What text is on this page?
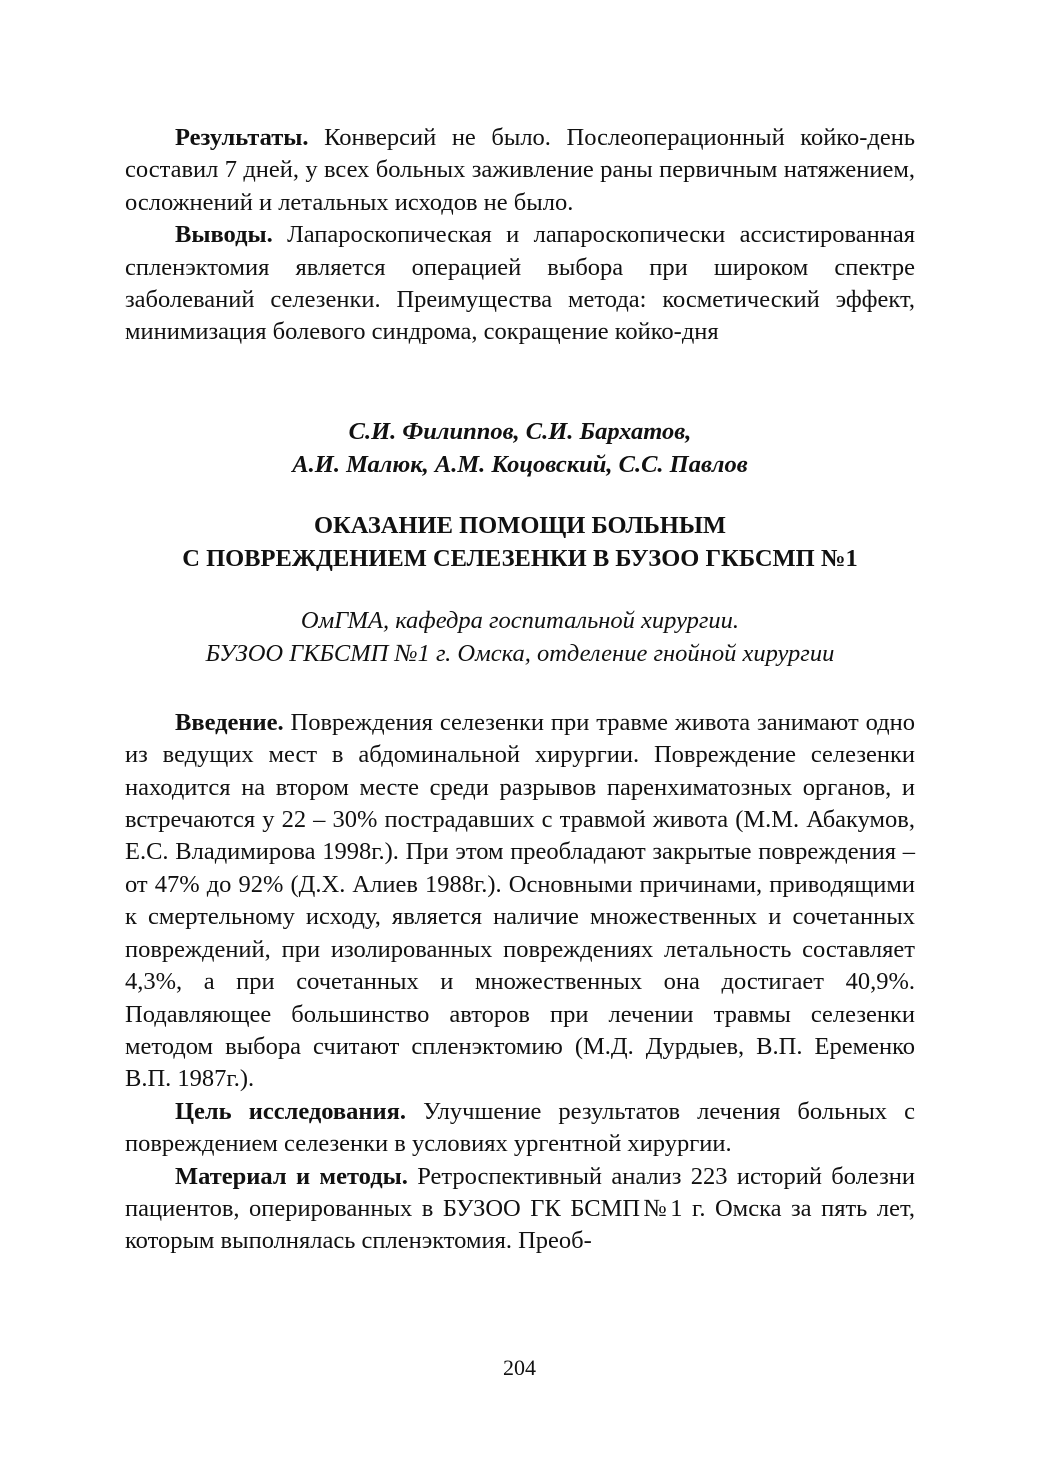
Результаты. Конверсий не было. Послеоперационный койко-день составил 7 дней, у всех больных заживление раны первичным натяжением, осложнений и летальных исходов не было.

Выводы. Лапароскопическая и лапароскопически ассистированная спленэктомия является операцией выбора при широком спектре заболеваний селезенки. Преимущества метода: косметический эффект, минимизация болевого синдрома, сокращение койко-дня

С.И. Филиппов, С.И. Бархатов,
А.И. Малюк, А.М. Коцовский, С.С. Павлов
ОКАЗАНИЕ ПОМОЩИ БОЛЬНЫМ
С ПОВРЕЖДЕНИЕМ СЕЛЕЗЕНКИ В БУЗОО ГКБСМП №1
ОмГМА, кафедра госпитальной хирургии.
БУЗОО ГКБСМП №1 г. Омска, отделение гнойной хирургии

Введение. Повреждения селезенки при травме живота занимают одно из ведущих мест в абдоминальной хирургии. Повреждение селезенки находится на втором месте среди разрывов паренхиматозных органов, и встречаются у 22 – 30% пострадавших с травмой живота (М.М. Абакумов, Е.С. Владимирова 1998г.). При этом преобладают закрытые повреждения – от 47% до 92% (Д.Х. Алиев 1988г.). Основными причинами, приводящими к смертельному исходу, является наличие множественных и сочетанных повреждений, при изолированных повреждениях летальность составляет 4,3%, а при сочетанных и множественных она достигает 40,9%. Подавляющее большинство авторов при лечении травмы селезенки методом выбора считают спленэктомию (М.Д. Дурдыев, В.П. Еременко В.П. 1987г.).

Цель исследования. Улучшение результатов лечения больных с повреждением селезенки в условиях ургентной хирургии.

Материал и методы. Ретроспективный анализ 223 историй болезни пациентов, оперированных в БУЗОО ГК БСМП№1 г. Омска за пять лет, которым выполнялась спленэктомия. Преоб-

204
